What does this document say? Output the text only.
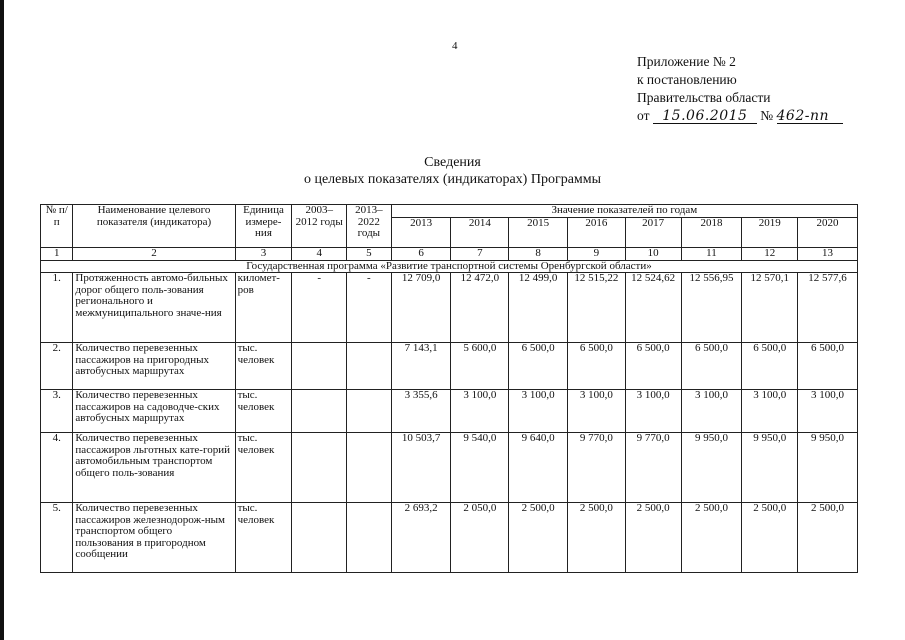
4
Приложение № 2
к постановлению
Правительства области
от 15.06.2015 № 462-пп
Сведения
о целевых показателях (индикаторах) Программы
№ п/п	Наименование целевого показателя (индикатора)	Единица измере-ния	2003– 2012 годы	2013– 2022 годы	Значение показателей по годам							
					2013	2014	2015	2016	2017	2018	2019	2020
1	2	3	4	5	6	7	8	9	10	11	12	13
Государственная программа «Развитие транспортной системы Оренбургской области»												
1.	Протяженность автомо-бильных дорог общего поль-зования регионального и межмуниципального значе-ния	километ-ров	-	-	12 709,0	12 472,0	12 499,0	12 515,22	12 524,62	12 556,95	12 570,1	12 577,6
2.	Количество перевезенных пассажиров на пригородных автобусных маршрутах	тыс. человек			7 143,1	5 600,0	6 500,0	6 500,0	6 500,0	6 500,0	6 500,0	6 500,0
3.	Количество перевезенных пассажиров на садоводче-ских автобусных маршрутах	тыс. человек			3 355,6	3 100,0	3 100,0	3 100,0	3 100,0	3 100,0	3 100,0	3 100,0
4.	Количество перевезенных пассажиров льготных кате-горий автомобильным транспортом общего поль-зования	тыс. человек			10 503,7	9 540,0	9 640,0	9 770,0	9 770,0	9 950,0	9 950,0	9 950,0
5.	Количество перевезенных пассажиров железнодорож-ным транспортом общего пользования в пригородном сообщении	тыс. человек			2 693,2	2 050,0	2 500,0	2 500,0	2 500,0	2 500,0	2 500,0	2 500,0
